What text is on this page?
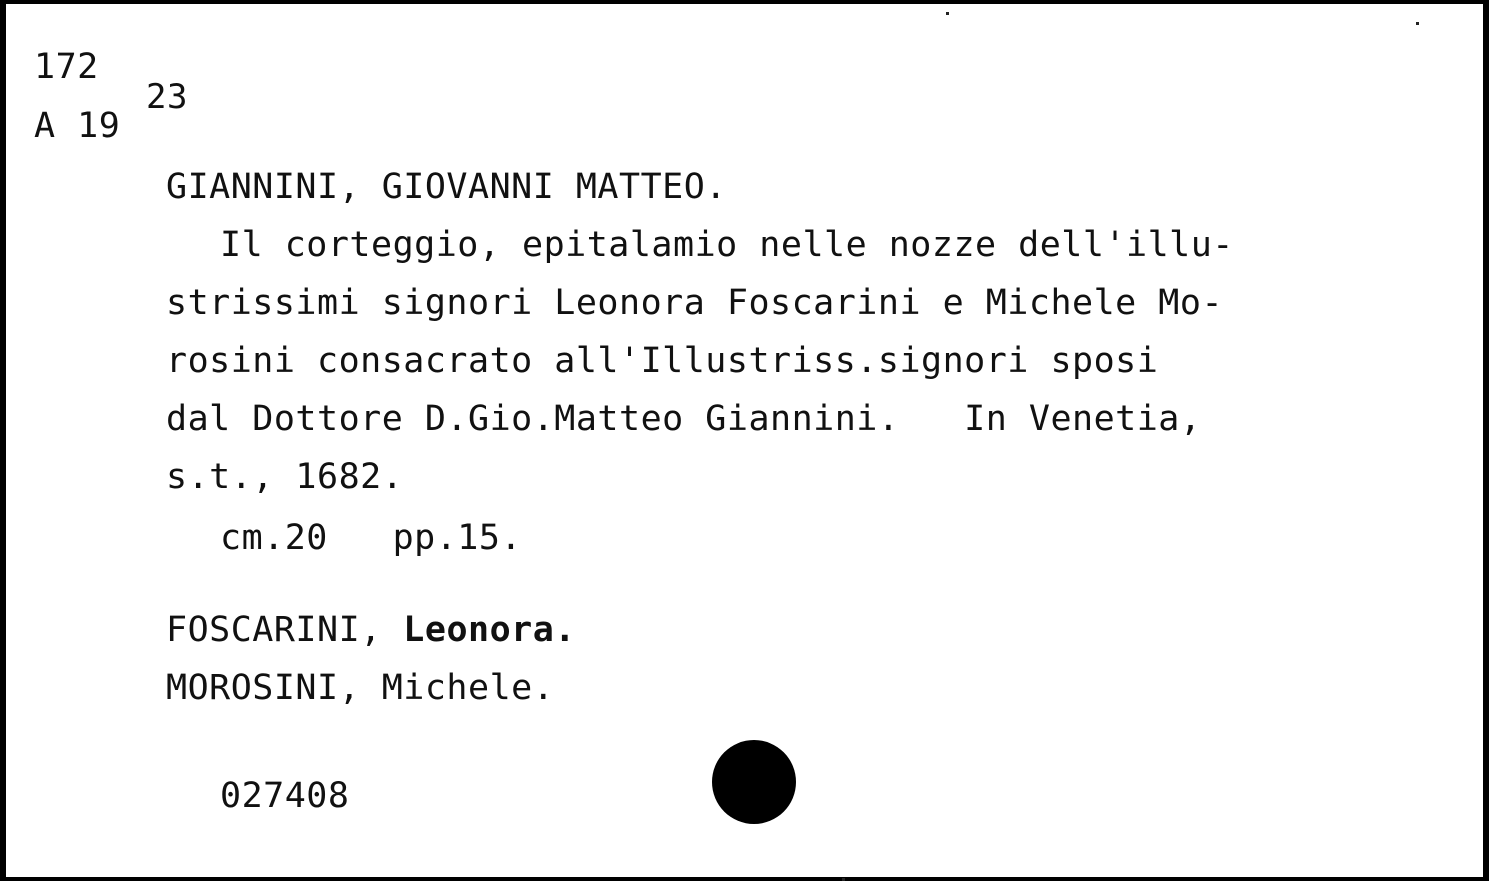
172
A 19
23
GIANNINI, GIOVANNI MATTEO.
Il corteggio, epitalamio nelle nozze dell'illu-
strissimi signori Leonora Foscarini e Michele Mo-
rosini consacrato all'Illustriss.signori sposi
dal Dottore D.Gio.Matteo Giannini.   In Venetia,
s.t., 1682.
cm.20   pp.15.
FOSCARINI, Leonora.
MOROSINI, Michele.
027408
